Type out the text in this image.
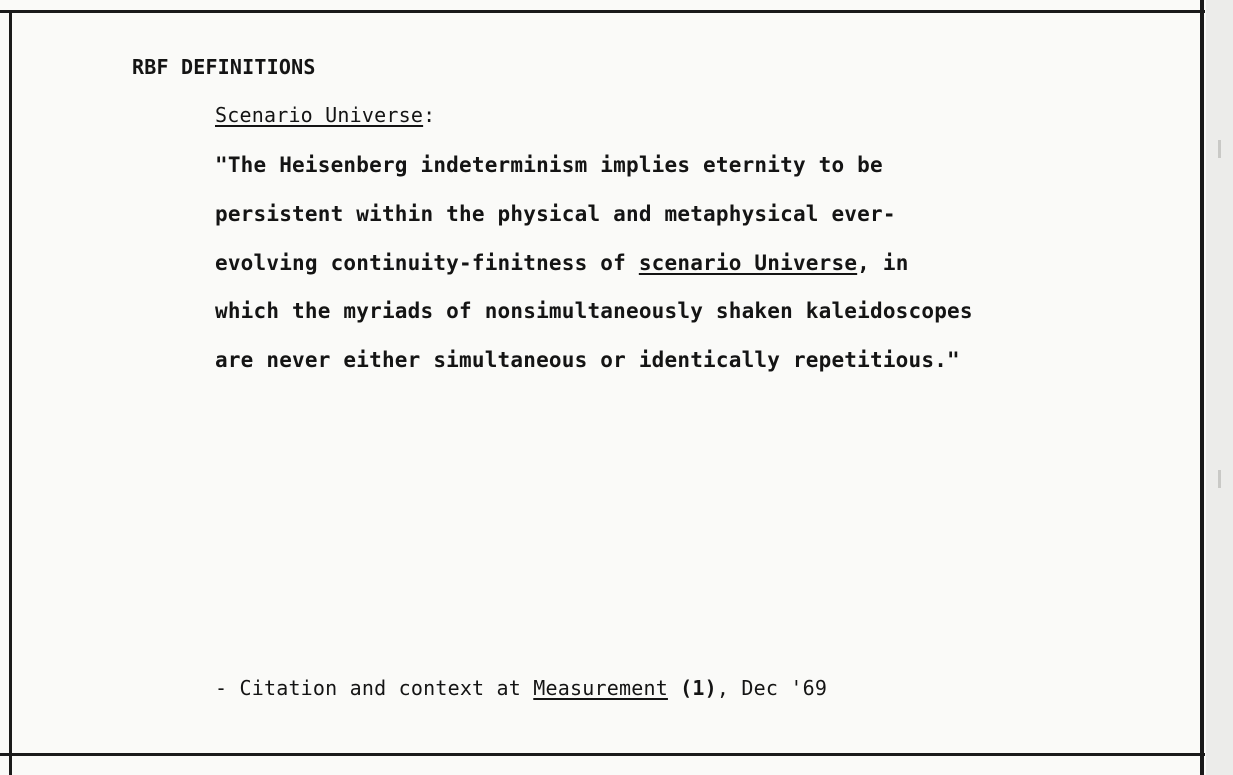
RBF DEFINITIONS
Scenario Universe:
"The Heisenberg indeterminism implies eternity to be
persistent within the physical and metaphysical ever-
evolving continuity-finitness of scenario Universe, in
which the myriads of nonsimultaneously shaken kaleidoscopes
are never either simultaneous or identically repetitious."
- Citation and context at Measurement (1), Dec '69
